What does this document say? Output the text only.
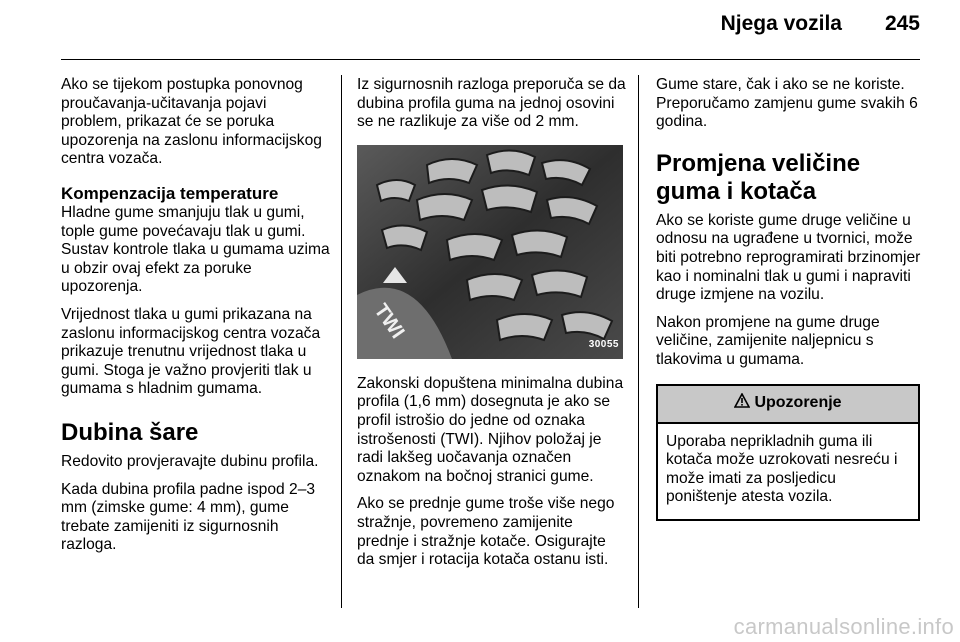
Njega vozila 245

Ako se tijekom postupka ponovnog proučavanja-učitavanja pojavi problem, prikazat će se poruka upozorenja na zaslonu informacijskog centra vozača.

Kompenzacija temperature

Hladne gume smanjuju tlak u gumi, tople gume povećavaju tlak u gumi. Sustav kontrole tlaka u gumama uzima u obzir ovaj efekt za poruke upozorenja.

Vrijednost tlaka u gumi prikazana na zaslonu informacijskog centra vozača prikazuje trenutnu vrijednost tlaka u gumi. Stoga je važno provjeriti tlak u gumama s hladnim gumama.

Dubina šare

Redovito provjeravajte dubinu profila.

Kada dubina profila padne ispod 2–3 mm (zimske gume: 4 mm), gume trebate zamijeniti iz sigurnosnih razloga.

Iz sigurnosnih razloga preporuča se da dubina profila guma na jednoj osovini se ne razlikuje za više od 2 mm.

TWI
30055

Zakonski dopuštena minimalna dubina profila (1,6 mm) dosegnuta je ako se profil istrošio do jedne od oznaka istrošenosti (TWI). Njihov položaj je radi lakšeg uočavanja označen oznakom na bočnoj stranici gume.

Ako se prednje gume troše više nego stražnje, povremeno zamijenite prednje i stražnje kotače. Osigurajte da smjer i rotacija kotača ostanu isti.

Gume stare, čak i ako se ne koriste. Preporučamo zamjenu gume svakih 6 godina.

Promjena veličine guma i kotača

Ako se koriste gume druge veličine u odnosu na ugrađene u tvornici, može biti potrebno reprogramirati brzinomjer kao i nominalni tlak u gumi i napraviti druge izmjene na vozilu.

Nakon promjene na gume druge veličine, zamijenite naljepnicu s tlakovima u gumama.

Upozorenje
Uporaba neprikladnih guma ili kotača može uzrokovati nesreću i može imati za posljedicu poništenje atesta vozila.
carmanualsonline.info
